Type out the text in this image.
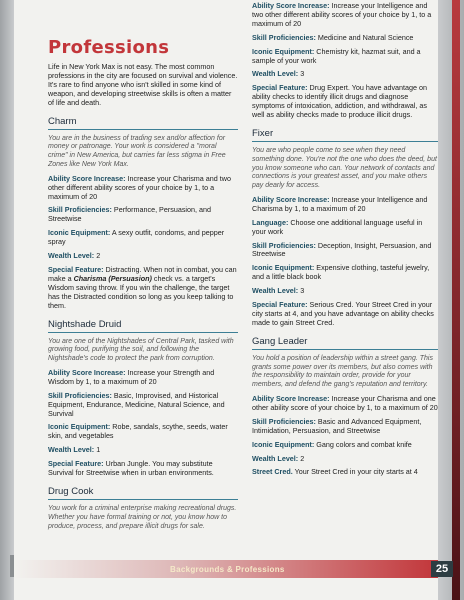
Professions

Life in New York Max is not easy. The most common professions in the city are focused on survival and violence. It's rare to find anyone who isn't skilled in some kind of weapon, and developing streetwise skills is often a matter of life and death.

Charm

You are in the business of trading sex and/or affection for money or patronage. Your work is considered a "moral crime" in New America, but carries far less stigma in Free Zones like New York Max.

Ability Score Increase: Increase your Charisma and two other different ability scores of your choice by 1, to a maximum of 20

Skill Proficiencies: Performance, Persuasion, and Streetwise

Iconic Equipment: A sexy outfit, condoms, and pepper spray

Wealth Level: 2

Special Feature: Distracting. When not in combat, you can make a Charisma (Persuasion) check vs. a target's Wisdom saving throw. If you win the challenge, the target has the Distracted condition so long as you keep talking to them.

Nightshade Druid

You are one of the Nightshades of Central Park, tasked with growing food, purifying the soil, and following the Nightshade's code to protect the park from corruption.

Ability Score Increase: Increase your Strength and Wisdom by 1, to a maximum of 20

Skill Proficiencies: Basic, Improvised, and Historical Equipment, Endurance, Medicine, Natural Science, and Survival

Iconic Equipment: Robe, sandals, scythe, seeds, water skin, and vegetables

Wealth Level: 1

Special Feature: Urban Jungle. You may substitute Survival for Streetwise when in urban environments.

Drug Cook

You work for a criminal enterprise making recreational drugs. Whether you have formal training or not, you know how to produce, process, and prepare illicit drugs for sale.

Ability Score Increase: Increase your Intelligence and two other different ability scores of your choice by 1, to a maximum of 20

Skill Proficiencies: Medicine and Natural Science

Iconic Equipment: Chemistry kit, hazmat suit, and a sample of your work

Wealth Level: 3

Special Feature: Drug Expert. You have advantage on ability checks to identify illicit drugs and diagnose symptoms of intoxication, addiction, and withdrawal, as well as ability checks made to produce illicit drugs.

Fixer

You are who people come to see when they need something done. You're not the one who does the deed, but you know someone who can. Your network of contacts and connections is your greatest asset, and you make others pay dearly for access.

Ability Score Increase: Increase your Intelligence and Charisma by 1, to a maximum of 20

Language: Choose one additional language useful in your work

Skill Proficiencies: Deception, Insight, Persuasion, and Streetwise

Iconic Equipment: Expensive clothing, tasteful jewelry, and a little black book

Wealth Level: 3

Special Feature: Serious Cred. Your Street Cred in your city starts at 4, and you have advantage on ability checks made to gain Street Cred.

Gang Leader

You hold a position of leadership within a street gang. This grants some power over its members, but also comes with the responsibility to maintain order, provide for your members, and defend the gang's reputation and territory.

Ability Score Increase: Increase your Charisma and one other ability score of your choice by 1, to a maximum of 20

Skill Proficiencies: Basic and Advanced Equipment, Intimidation, Persuasion, and Streetwise

Iconic Equipment: Gang colors and combat knife

Wealth Level: 2

Street Cred. Your Street Cred in your city starts at 4

Backgrounds & Professions	25
